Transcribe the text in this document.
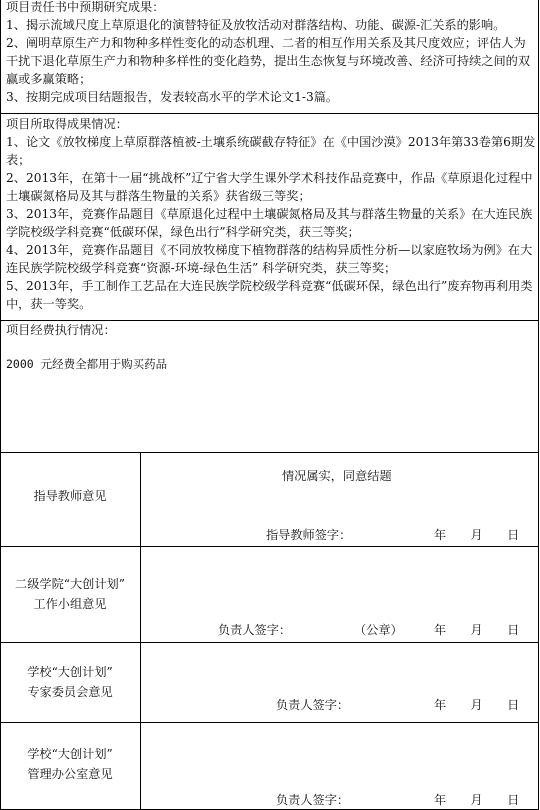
项目责任书中预期研究成果：

1、揭示流域尺度上草原退化的演替特征及放牧活动对群落结构、功能、碳源-汇关系的影响。

2、阐明草原生产力和物种多样性变化的动态机理、二者的相互作用关系及其尺度效应；评估人为干扰下退化草原生产力和物种多样性的变化趋势，提出生态恢复与环境改善、经济可持续之间的双赢或多赢策略；

3、按期完成项目结题报告，发表较高水平的学术论文1-3篇。

项目所取得成果情况：

1、论文《放牧梯度上草原群落植被-土壤系统碳截存特征》在《中国沙漠》2013年第33卷第6期发表；

2、2013年，在第十一届“挑战杯”辽宁省大学生课外学术科技作品竞赛中，作品《草原退化过程中土壤碳氮格局及其与群落生物量的关系》获省级三等奖；

3、2013年，竞赛作品题目《草原退化过程中土壤碳氮格局及其与群落生物量的关系》在大连民族学院校级学科竞赛“低碳环保，绿色出行”科学研究类，获三等奖；

4、2013年，竞赛作品题目《不同放牧梯度下植物群落的结构异质性分析—以家庭牧场为例》在大连民族学院校级学科竞赛“资源-环境-绿色生活” 科学研究类，获三等奖；

5、2013年，手工制作工艺品在大连民族学院校级学科竞赛“低碳环保，绿色出行”废弃物再利用类中，获一等奖。

项目经费执行情况：
2000 元经费全都用于购买药品
指导教师意见
情况属实，同意结题
指导教师签字：	年　　月　　日
二级学院“大创计划”
工作小组意见
负责人签字：	（公章）	年　　月　　日
学校“大创计划”
专家委员会意见
负责人签字：	年　　月　　日
学校“大创计划”
管理办公室意见
负责人签字：	年　　月　　日
